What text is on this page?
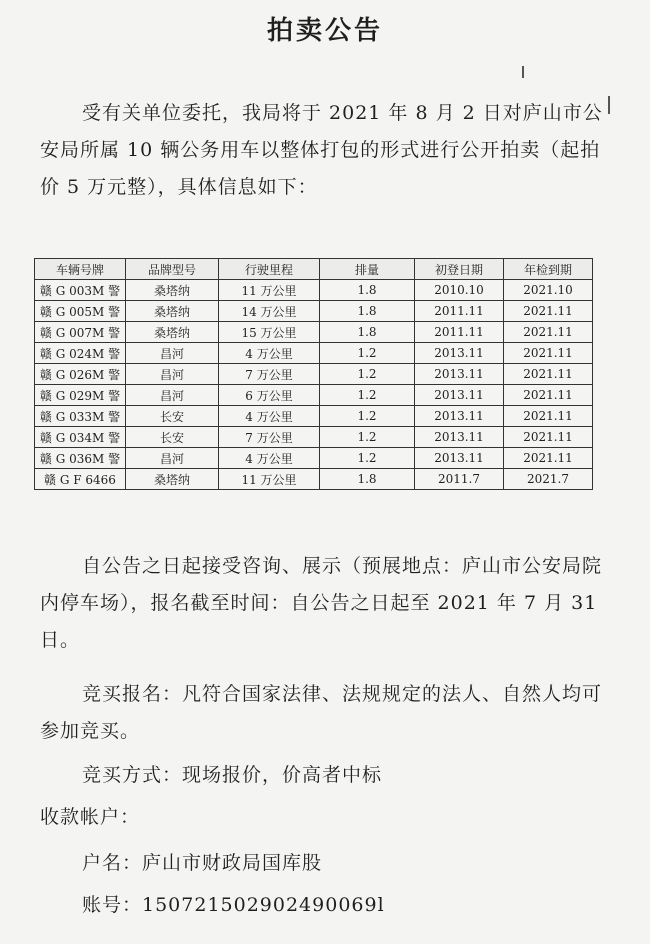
拍卖公告
受有关单位委托，我局将于 2021 年 8 月 2 日对庐山市公安局所属 10 辆公务用车以整体打包的形式进行公开拍卖（起拍价 5 万元整），具体信息如下：
车辆号牌	品牌型号	行驶里程	排量	初登日期	年检到期
赣 G 003M 警	桑塔纳	11 万公里	1.8	2010.10	2021.10
赣 G 005M 警	桑塔纳	14 万公里	1.8	2011.11	2021.11
赣 G 007M 警	桑塔纳	15 万公里	1.8	2011.11	2021.11
赣 G 024M 警	昌河	4 万公里	1.2	2013.11	2021.11
赣 G 026M 警	昌河	7 万公里	1.2	2013.11	2021.11
赣 G 029M 警	昌河	6 万公里	1.2	2013.11	2021.11
赣 G 033M 警	长安	4 万公里	1.2	2013.11	2021.11
赣 G 034M 警	长安	7 万公里	1.2	2013.11	2021.11
赣 G 036M 警	昌河	4 万公里	1.2	2013.11	2021.11
赣 G F 6466	桑塔纳	11 万公里	1.8	2011.7	2021.7
自公告之日起接受咨询、展示（预展地点：庐山市公安局院内停车场），报名截至时间：自公告之日起至 2021 年 7 月 31 日。
竞买报名：凡符合国家法律、法规规定的法人、自然人均可参加竞买。
竞买方式：现场报价，价高者中标
收款帐户：
户名：庐山市财政局国库股
账号：150721502902490069l
